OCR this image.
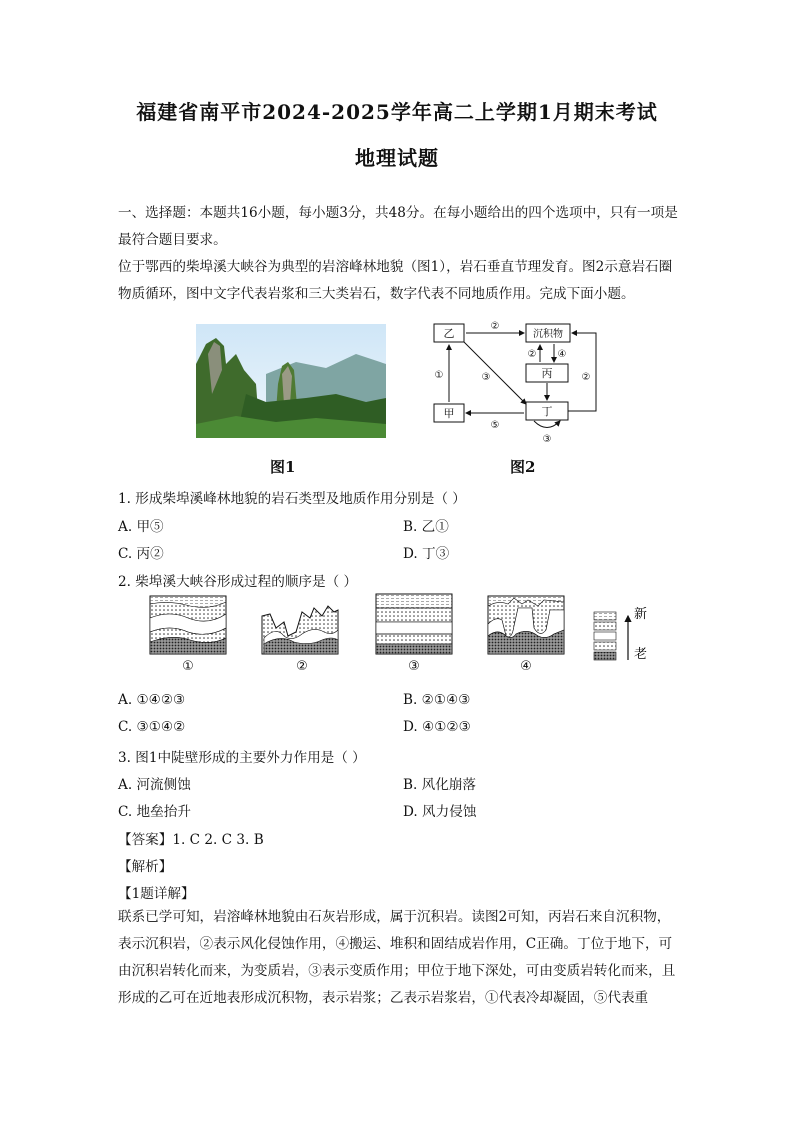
福建省南平市2024-2025学年高二上学期1月期末考试
地理试题
一、选择题：本题共16小题，每小题3分，共48分。在每小题给出的四个选项中，只有一项是最符合题目要求。
位于鄂西的柴埠溪大峡谷为典型的岩溶峰林地貌（图1），岩石垂直节理发育。图2示意岩石圈物质循环，图中文字代表岩浆和三大类岩石，数字代表不同地质作用。完成下面小题。
乙	沉积物
丙
丁
甲
②
② ④
②
①	③
⑤
③
图1	图2
1. 形成柴埠溪峰林地貌的岩石类型及地质作用分别是（ ）
A. 甲⑤	B. 乙①
C. 丙②	D. 丁③
2. 柴埠溪大峡谷形成过程的顺序是（ ）
新
老
①	②	③	④
A. ①④②③	B. ②①④③
C. ③①④②	D. ④①②③
3. 图1中陡壁形成的主要外力作用是（ ）
A. 河流侧蚀	B. 风化崩落
C. 地垒抬升	D. 风力侵蚀
【答案】1. C 2. C 3. B
【解析】
【1题详解】
联系已学可知，岩溶峰林地貌由石灰岩形成，属于沉积岩。读图2可知，丙岩石来自沉积物，表示沉积岩，②表示风化侵蚀作用，④搬运、堆积和固结成岩作用，C正确。丁位于地下，可由沉积岩转化而来，为变质岩，③表示变质作用；甲位于地下深处，可由变质岩转化而来，且形成的乙可在近地表形成沉积物，表示岩浆；乙表示岩浆岩，①代表冷却凝固，⑤代表重
